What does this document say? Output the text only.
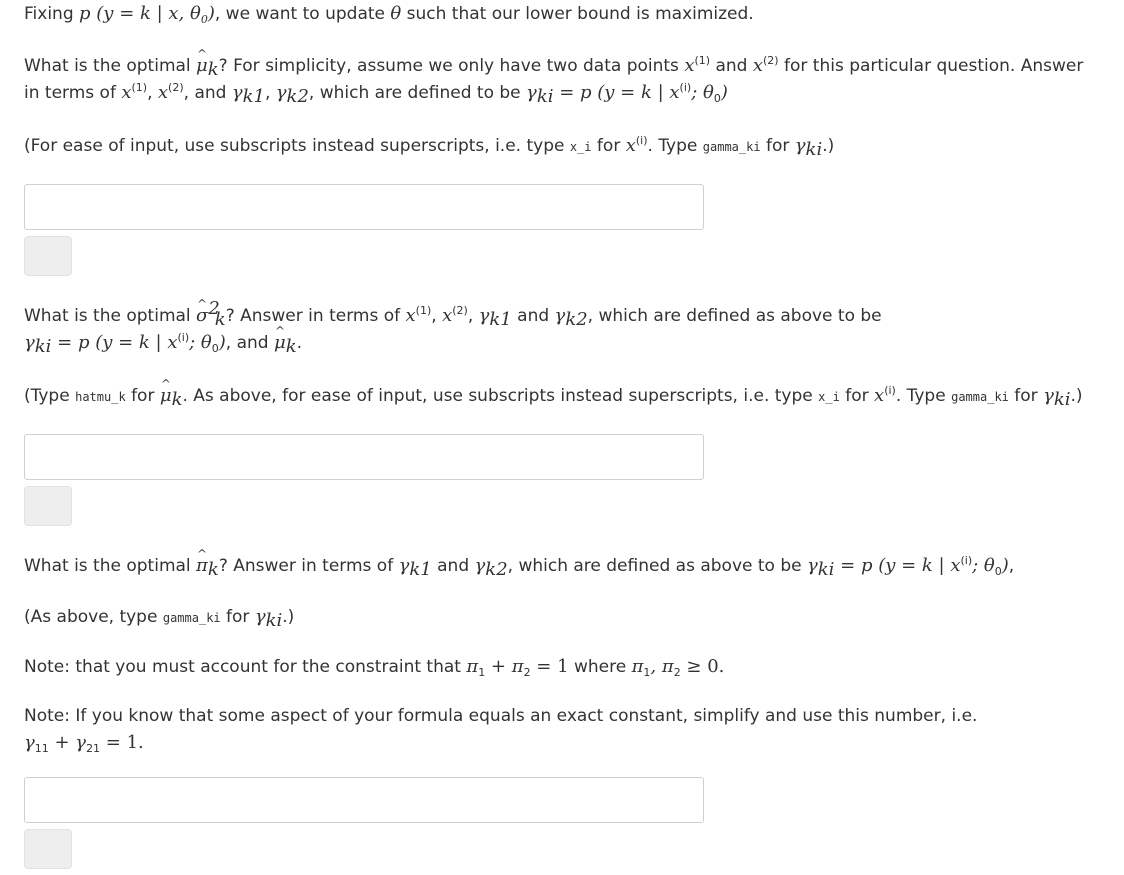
Fixing p (y = k | x, $\theta_0$), we want to update θ such that our lower bound is maximized.
What is the optimal ^ $\mu_k$? For simplicity, assume we only have two data points $x^{(1)}$ and $x^{(2)}$ for this particular question. Answer
in terms of $x^{(1)}$, $x^{(2)}$, and $\gamma_{k1}$, $\gamma_{k2}$, which are defined to be $\gamma_{ki} = p$ (y = k | $x^{(i)}$; $\theta_0$)
(For ease of input, use subscripts instead superscripts, i.e. type x_i for $x^{(i)}$. Type gamma_ki for $\gamma_{ki}$.)
What is the optimal ^ $\sigma^2_k$? Answer in terms of $x^{(1)}$, $x^{(2)}$, $\gamma_{k1}$ and $\gamma_{k2}$, which are defined as above to be
$\gamma_{ki} = p$ (y = k | $x^{(i)}$; $\theta_0$), and ^ $\mu_k$.
(Type hatmu_k for ^ $\mu_k$. As above, for ease of input, use subscripts instead superscripts, i.e. type x_i for $x^{(i)}$. Type gamma_ki for $\gamma_{ki}$.)
What is the optimal ^ $\pi_k$? Answer in terms of $\gamma_{k1}$ and $\gamma_{k2}$, which are defined as above to be $\gamma_{ki} = p$ (y = k | $x^{(i)}$; $\theta_0$),
(As above, type gamma_ki for $\gamma_{ki}$.)
Note: that you must account for the constraint that $\pi_1 + \pi_2 = 1$ where $\pi_1$, $\pi_2 \ge 0$.
Note: If you know that some aspect of your formula equals an exact constant, simplify and use this number, i.e.
$\gamma_{11} + \gamma_{21} = 1$.
